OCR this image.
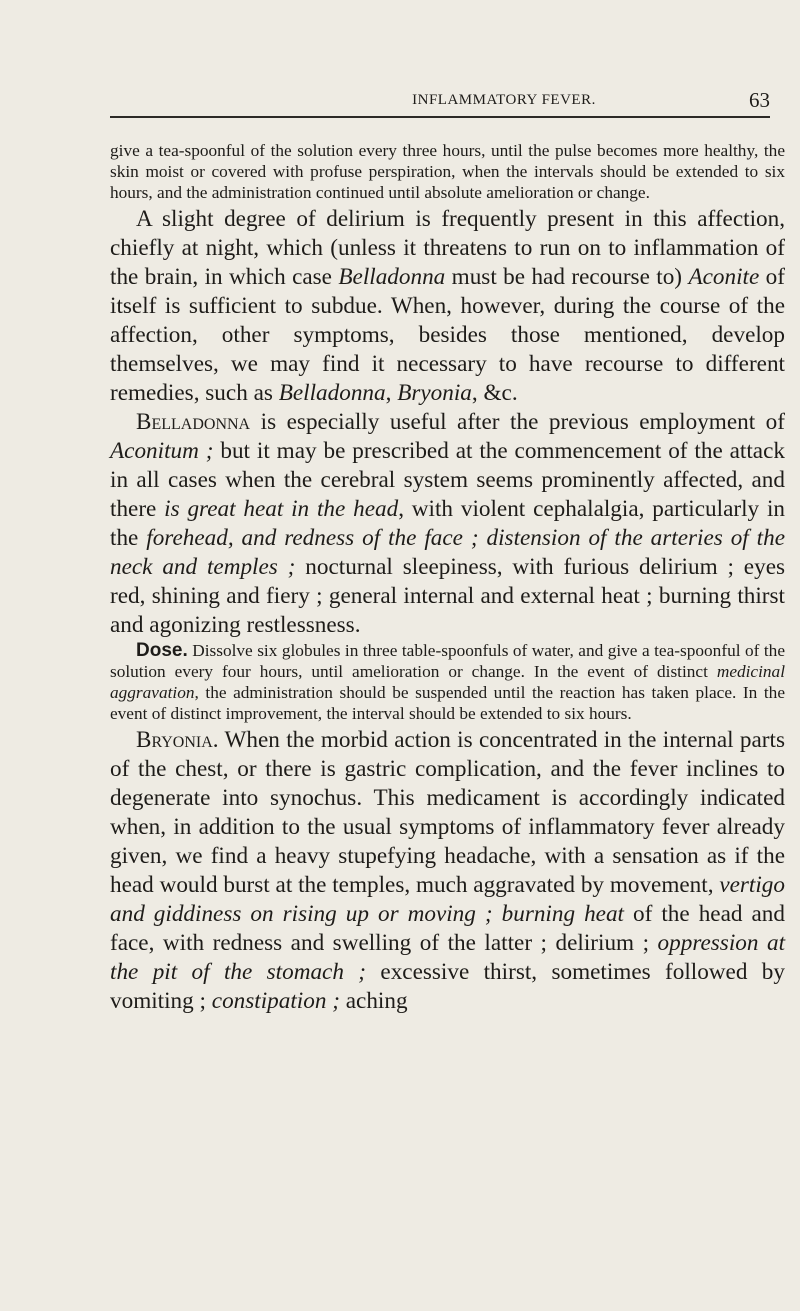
INFLAMMATORY FEVER.	63

give a tea-spoonful of the solution every three hours, until the pulse becomes more healthy, the skin moist or covered with profuse perspiration, when the intervals should be extended to six hours, and the administration continued until absolute amelioration or change.

A slight degree of delirium is frequently present in this affection, chiefly at night, which (unless it threatens to run on to inflammation of the brain, in which case Belladonna must be had recourse to) Aconite of itself is sufficient to subdue. When, however, during the course of the affection, other symptoms, besides those mentioned, develop themselves, we may find it necessary to have recourse to different remedies, such as Belladonna, Bryonia, &c.

Belladonna is especially useful after the previous employment of Aconitum ; but it may be prescribed at the commencement of the attack in all cases when the cerebral system seems prominently affected, and there is great heat in the head, with violent cephalalgia, particularly in the forehead, and redness of the face ; distension of the arteries of the neck and temples ; nocturnal sleepiness, with furious delirium ; eyes red, shining and fiery ; general internal and external heat ; burning thirst and agonizing restlessness.

Dose. Dissolve six globules in three table-spoonfuls of water, and give a tea-spoonful of the solution every four hours, until amelioration or change. In the event of distinct medicinal aggravation, the administration should be suspended until the reaction has taken place. In the event of distinct improvement, the interval should be extended to six hours.

Bryonia. When the morbid action is concentrated in the internal parts of the chest, or there is gastric complication, and the fever inclines to degenerate into synochus. This medicament is accordingly indicated when, in addition to the usual symptoms of inflammatory fever already given, we find a heavy stupefying headache, with a sensation as if the head would burst at the temples, much aggravated by movement, vertigo and giddiness on rising up or moving ; burning heat of the head and face, with redness and swelling of the latter ; delirium ; oppression at the pit of the stomach ; excessive thirst, sometimes followed by vomiting ; constipation ; aching
